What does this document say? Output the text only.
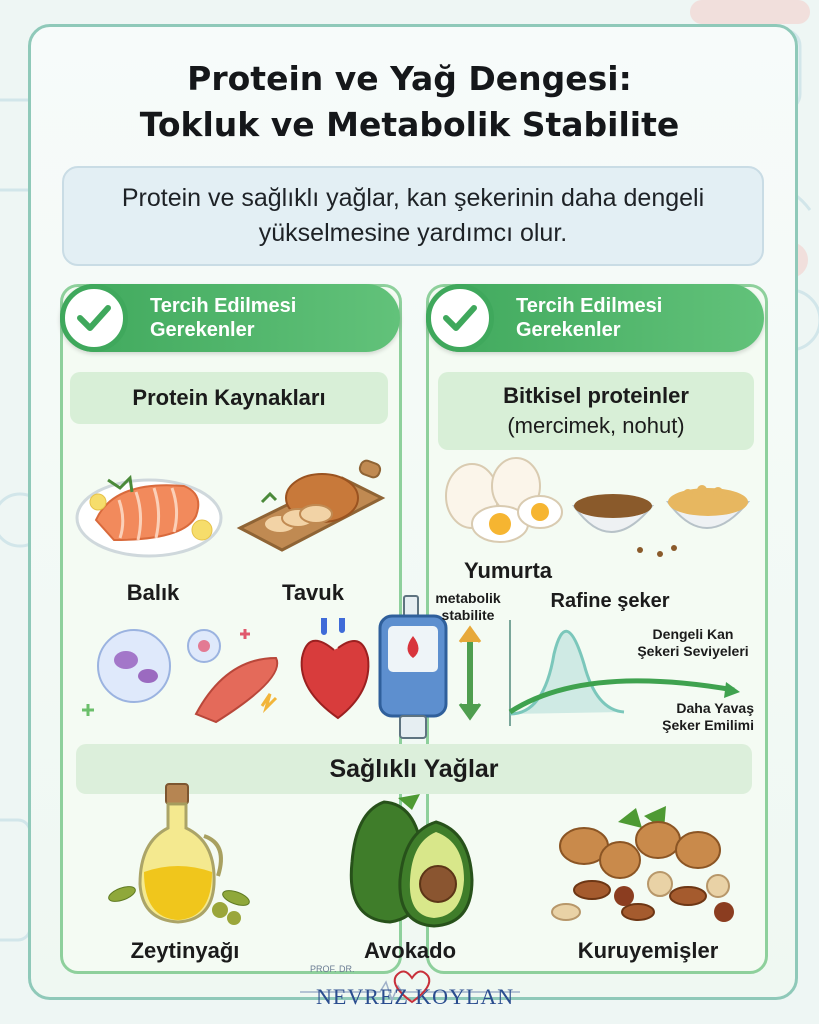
Protein ve Yağ Dengesi:
Tokluk ve Metabolik Stabilite
Protein ve sağlıklı yağlar, kan şekerinin daha dengeli yükselmesine yardımcı olur.
Tercih Edilmesi
Gerekenler
Tercih Edilmesi
Gerekenler
Protein Kaynakları	Bitkisel proteinler
(mercimek, nohut)
Balık	Tavuk
Yumurta
Rafine şeker
metabolik
stabilite
Dengeli Kan
Şekeri Seviyeleri
Daha Yavaş
Şeker Emilimi
Sağlıklı Yağlar
Zeytinyağı	Avokado	Kuruyemişler
PROF. DR.
NEVREZ KOYLAN
